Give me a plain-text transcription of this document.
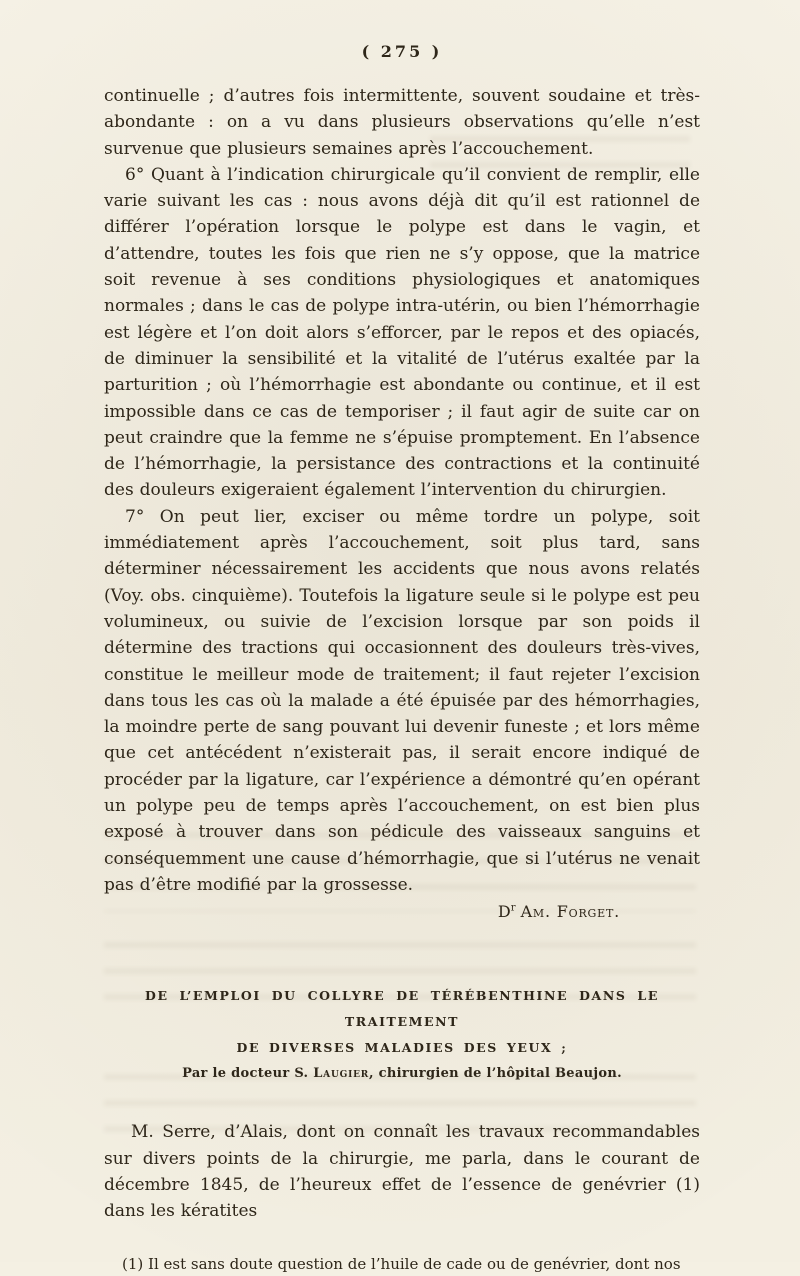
( 275 )

continuelle ; d’autres fois intermittente, souvent soudaine et très-abondante : on a vu dans plusieurs observations qu’elle n’est survenue que plusieurs semaines après l’accouchement.

6° Quant à l’indication chirurgicale qu’il convient de remplir, elle varie suivant les cas : nous avons déjà dit qu’il est rationnel de différer l’opération lorsque le polype est dans le vagin, et d’attendre, toutes les fois que rien ne s’y oppose, que la matrice soit revenue à ses conditions physiologiques et anatomiques normales ; dans le cas de polype intra-utérin, ou bien l’hémorrhagie est légère et l’on doit alors s’efforcer, par le repos et des opiacés, de diminuer la sensibilité et la vitalité de l’utérus exaltée par la parturition ; où l’hémorrhagie est abondante ou continue, et il est impossible dans ce cas de temporiser ; il faut agir de suite car on peut craindre que la femme ne s’épuise promptement. En l’absence de l’hémorrhagie, la persistance des contractions et la continuité des douleurs exigeraient également l’intervention du chirurgien.

7° On peut lier, exciser ou même tordre un polype, soit immédiatement après l’accouchement, soit plus tard, sans déterminer nécessairement les accidents que nous avons relatés (Voy. obs. cinquième). Toutefois la ligature seule si le polype est peu volumineux, ou suivie de l’excision lorsque par son poids il détermine des tractions qui occasionnent des douleurs très-vives, constitue le meilleur mode de traitement; il faut rejeter l’excision dans tous les cas où la malade a été épuisée par des hémorrhagies, la moindre perte de sang pouvant lui devenir funeste ; et lors même que cet antécédent n’existerait pas, il serait encore indiqué de procéder par la ligature, car l’expérience a démontré qu’en opérant un polype peu de temps après l’accouchement, on est bien plus exposé à trouver dans son pédicule des vaisseaux sanguins et conséquemment une cause d’hémorrhagie, que si l’utérus ne venait pas d’être modifié par la grossesse.

$D^r$ Am. Forget.
DE L’EMPLOI DU COLLYRE DE TÉRÉBENTHINE DANS LE TRAITEMENT
DE DIVERSES MALADIES DES YEUX ;
Par le docteur S. Laugier, chirurgien de l’hôpital Beaujon.

M. Serre, d’Alais, dont on connaît les travaux recommandables sur divers points de la chirurgie, me parla, dans le courant de décembre 1845, de l’heureux effet de l’essence de genévrier (1) dans les kératites

(1) Il est sans doute question de l’huile de cade ou de genévrier, dont nos
